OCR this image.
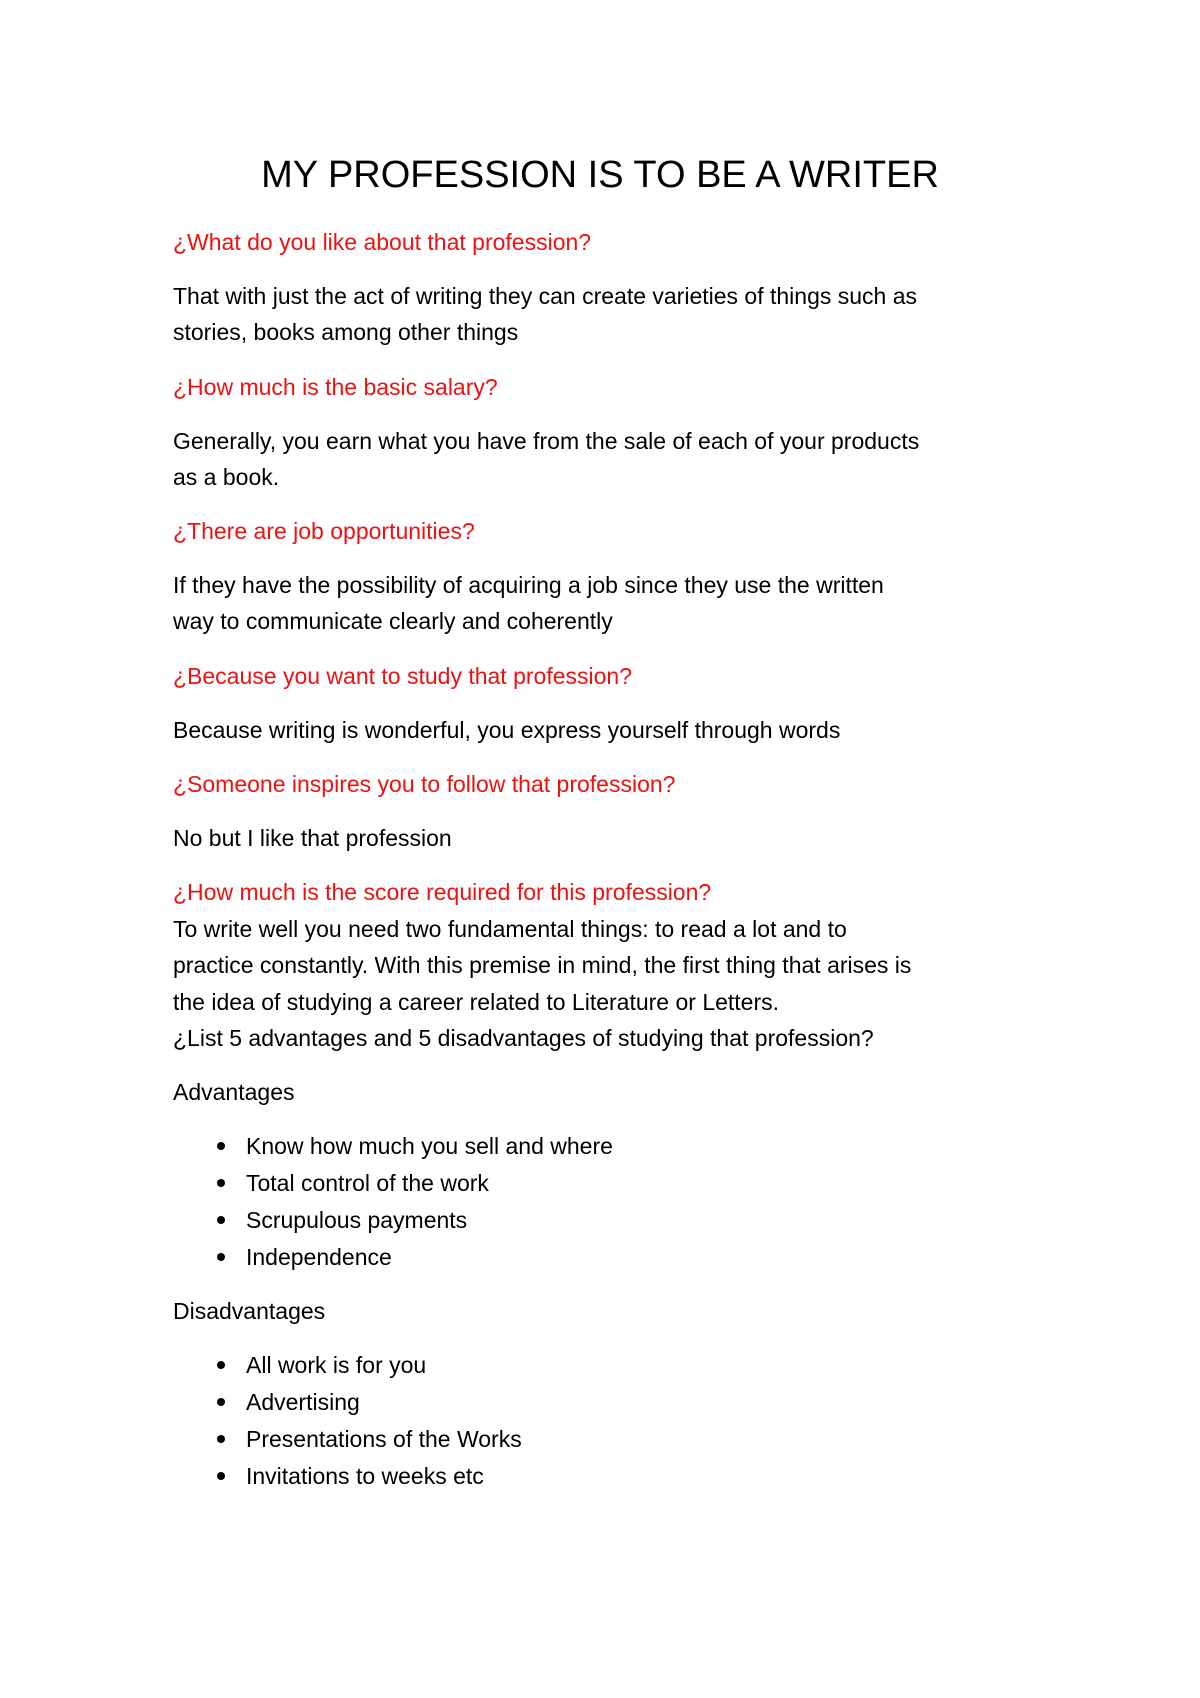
MY PROFESSION IS TO BE A WRITER
¿What do you like about that profession?
That with just the act of writing they can create varieties of things such as
stories, books among other things
¿How much is the basic salary?
Generally, you earn what you have from the sale of each of your products
as a book.
¿There are job opportunities?
If they have the possibility of acquiring a job since they use the written
way to communicate clearly and coherently
¿Because you want to study that profession?
Because writing is wonderful, you express yourself through words
¿Someone inspires you to follow that profession?
No but I like that profession
¿How much is the score required for this profession?
To write well you need two fundamental things: to read a lot and to
practice constantly. With this premise in mind, the first thing that arises is
the idea of studying a career related to Literature or Letters.
¿List 5 advantages and 5 disadvantages of studying that profession?
Advantages
Know how much you sell and where
Total control of the work
Scrupulous payments
Independence
Disadvantages
All work is for you
Advertising
Presentations of the Works
Invitations to weeks etc
